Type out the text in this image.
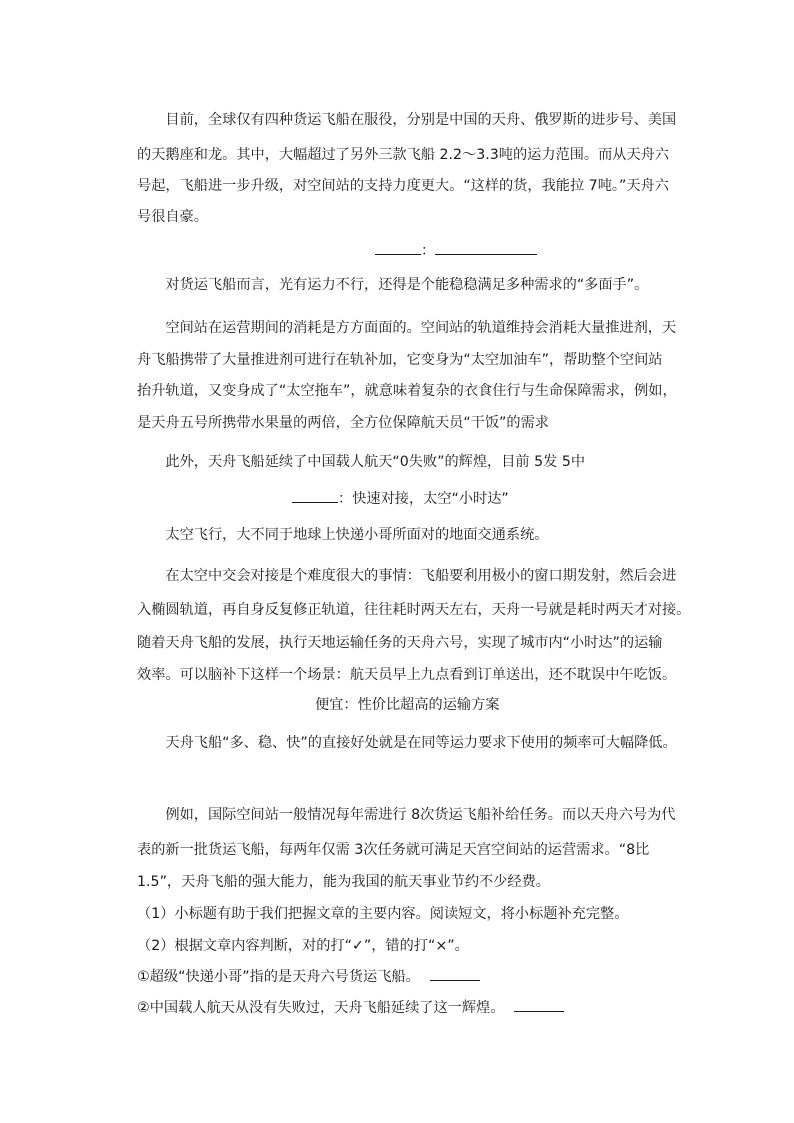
　　目前，全球仅有四种货运飞船在服役，分别是中国的天舟、俄罗斯的进步号、美国
的天鹅座和龙。其中，大幅超过了另外三款飞船 2.2～3.3吨的运力范围。而从天舟六
号起，飞船进一步升级，对空间站的支持力度更大。“这样的货，我能拉 7吨。”天舟六
号很自豪。
：
　　对货运飞船而言，光有运力不行，还得是个能稳稳满足多种需求的“多面手”。
　　空间站在运营期间的消耗是方方面面的。空间站的轨道维持会消耗大量推进剂，天
舟飞船携带了大量推进剂可进行在轨补加，它变身为“太空加油车”，帮助整个空间站
抬升轨道，又变身成了“太空拖车”，就意味着复杂的衣食住行与生命保障需求，例如，
是天舟五号所携带水果量的两倍，全方位保障航天员“干饭”的需求
　　此外，天舟飞船延续了中国载人航天“0失败”的辉煌，目前 5发 5中
：快速对接，太空“小时达”
　　太空飞行，大不同于地球上快递小哥所面对的地面交通系统。
　　在太空中交会对接是个难度很大的事情：飞船要利用极小的窗口期发射，然后会进
入椭圆轨道，再自身反复修正轨道，往往耗时两天左右，天舟一号就是耗时两天才对接。
随着天舟飞船的发展，执行天地运输任务的天舟六号，实现了城市内“小时达”的运输
效率。可以脑补下这样一个场景：航天员早上九点看到订单送出，还不耽误中午吃饭。
便宜：性价比超高的运输方案
　　天舟飞船“多、稳、快”的直接好处就是在同等运力要求下使用的频率可大幅降低。
　　例如，国际空间站一般情况每年需进行 8次货运飞船补给任务。而以天舟六号为代
表的新一批货运飞船，每两年仅需 3次任务就可满足天宫空间站的运营需求。“8比
1.5”，天舟飞船的强大能力，能为我国的航天事业节约不少经费。
（1）小标题有助于我们把握文章的主要内容。阅读短文，将小标题补充完整。
（2）根据文章内容判断，对的打“✓”，错的打“×”。
①超级“快递小哥”指的是天舟六号货运飞船。
②中国载人航天从没有失败过，天舟飞船延续了这一辉煌。
